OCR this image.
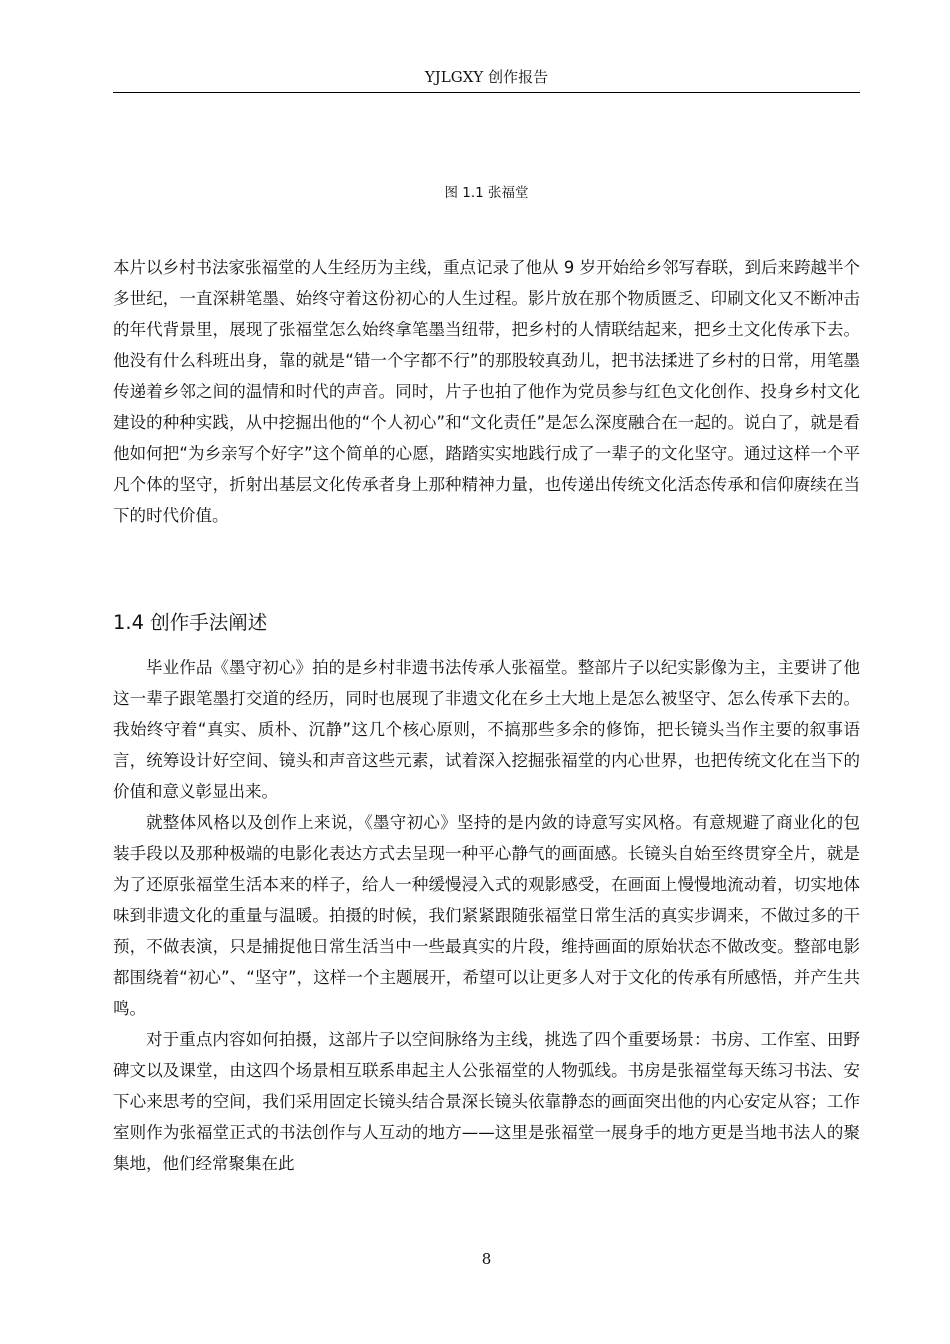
YJLGXY 创作报告
图 1.1 张福堂
本片以乡村书法家张福堂的人生经历为主线，重点记录了他从 9 岁开始给乡邻写春联，到后来跨越半个多世纪，一直深耕笔墨、始终守着这份初心的人生过程。影片放在那个物质匮乏、印刷文化又不断冲击的年代背景里，展现了张福堂怎么始终拿笔墨当纽带，把乡村的人情联结起来，把乡土文化传承下去。他没有什么科班出身，靠的就是“错一个字都不行”的那股较真劲儿，把书法揉进了乡村的日常，用笔墨传递着乡邻之间的温情和时代的声音。同时，片子也拍了他作为党员参与红色文化创作、投身乡村文化建设的种种实践，从中挖掘出他的“个人初心”和“文化责任”是怎么深度融合在一起的。说白了，就是看他如何把“为乡亲写个好字”这个简单的心愿，踏踏实实地践行成了一辈子的文化坚守。通过这样一个平凡个体的坚守，折射出基层文化传承者身上那种精神力量，也传递出传统文化活态传承和信仰赓续在当下的时代价值。
1.4 创作手法阐述

毕业作品《墨守初心》拍的是乡村非遗书法传承人张福堂。整部片子以纪实影像为主，主要讲了他这一辈子跟笔墨打交道的经历，同时也展现了非遗文化在乡土大地上是怎么被坚守、怎么传承下去的。我始终守着“真实、质朴、沉静”这几个核心原则，不搞那些多余的修饰，把长镜头当作主要的叙事语言，统筹设计好空间、镜头和声音这些元素，试着深入挖掘张福堂的内心世界，也把传统文化在当下的价值和意义彰显出来。

就整体风格以及创作上来说，《墨守初心》坚持的是内敛的诗意写实风格。有意规避了商业化的包装手段以及那种极端的电影化表达方式去呈现一种平心静气的画面感。长镜头自始至终贯穿全片，就是为了还原张福堂生活本来的样子，给人一种缓慢浸入式的观影感受，在画面上慢慢地流动着，切实地体味到非遗文化的重量与温暖。拍摄的时候，我们紧紧跟随张福堂日常生活的真实步调来，不做过多的干预，不做表演，只是捕捉他日常生活当中一些最真实的片段，维持画面的原始状态不做改变。整部电影都围绕着“初心”、“坚守”，这样一个主题展开，希望可以让更多人对于文化的传承有所感悟，并产生共鸣。

对于重点内容如何拍摄，这部片子以空间脉络为主线，挑选了四个重要场景：书房、工作室、田野碑文以及课堂，由这四个场景相互联系串起主人公张福堂的人物弧线。书房是张福堂每天练习书法、安下心来思考的空间，我们采用固定长镜头结合景深长镜头依靠静态的画面突出他的内心安定从容；工作室则作为张福堂正式的书法创作与人互动的地方——这里是张福堂一展身手的地方更是当地书法人的聚集地，他们经常聚集在此

8
